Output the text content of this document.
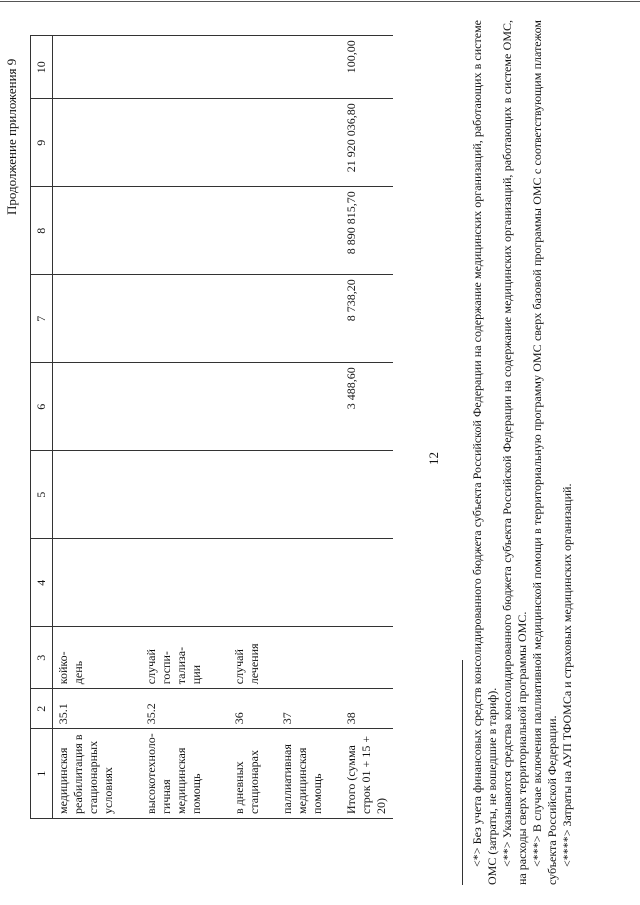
12
Продолжение приложения 9
1	2	3	4	5	6	7	8	9	10
медицинская реабилитация в стационарных условиях	35.1	койко-день							
высокотехноло-гичная медицинская помощь	35.2	случай госпи-тализа-ции							
в дневных стационарах	36	случай лечения							
паллиативная медицинская помощь	37								
Итого (сумма строк 01 + 15 + 20)	38				3 488,60	8 738,20	8 890 815,70	21 920 036,80	100,00	<*> Без учета финансовых средств консолидированного бюджета субъекта Российской Федерации на содержание медицинских организаций, работающих в системе ОМС (затраты, не вошедшие в тариф). <**> Указываются средства консолидированного бюджета субъекта Российской Федерации на содержание медицинских организаций, работающих в системе ОМС, на расходы сверх территориальной программы ОМС. <***> В случае включения паллиативной медицинской помощи в территориальную программу ОМС сверх базовой программы ОМС с соответствующим платежом субъекта Российской Федерации. <****> Затраты на АУП ТФОМСа и страховых медицинских организаций.
